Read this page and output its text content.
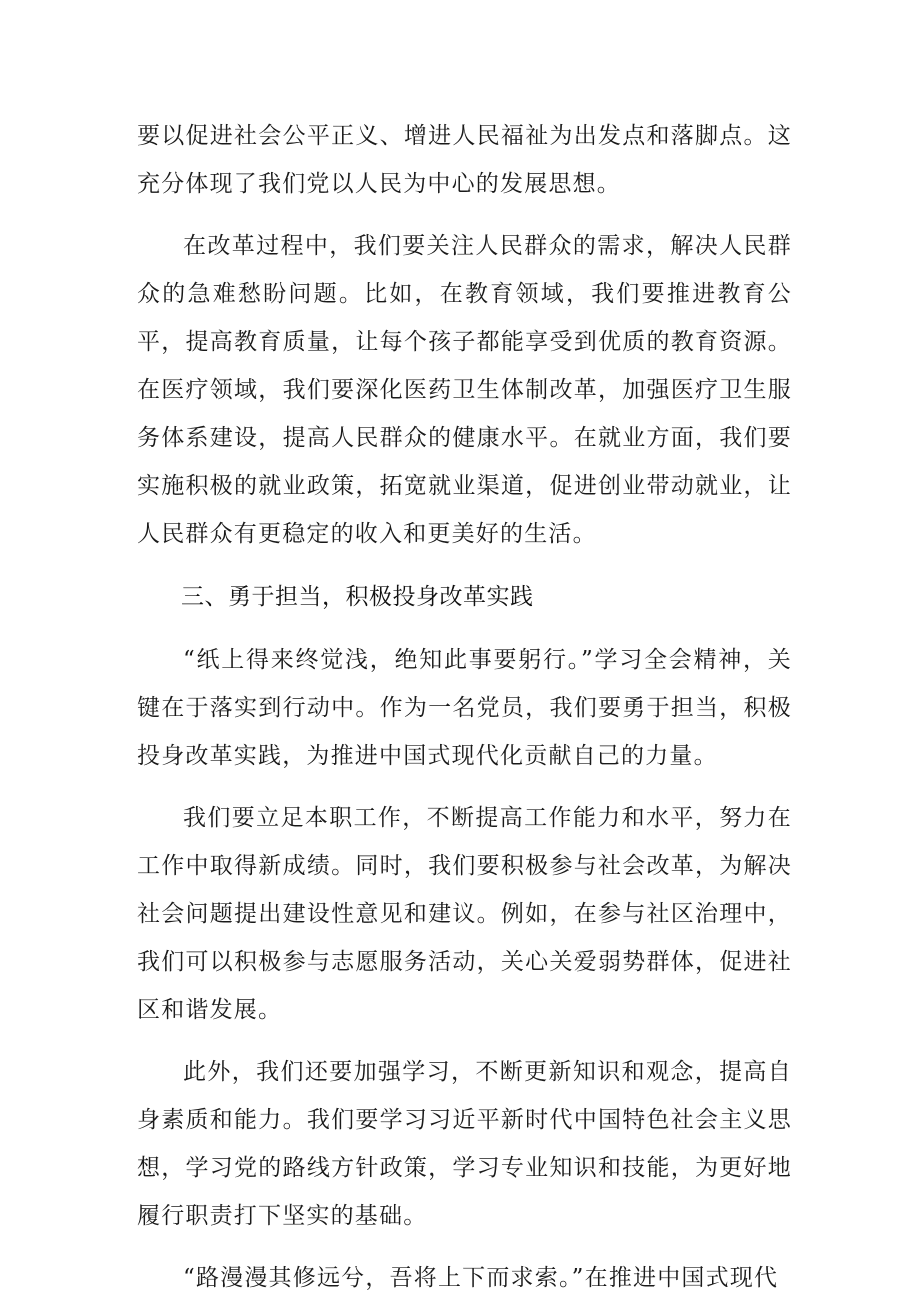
要以促进社会公平正义、增进人民福祉为出发点和落脚点。这充分体现了我们党以人民为中心的发展思想。

在改革过程中，我们要关注人民群众的需求，解决人民群众的急难愁盼问题。比如，在教育领域，我们要推进教育公平，提高教育质量，让每个孩子都能享受到优质的教育资源。在医疗领域，我们要深化医药卫生体制改革，加强医疗卫生服务体系建设，提高人民群众的健康水平。在就业方面，我们要实施积极的就业政策，拓宽就业渠道，促进创业带动就业，让人民群众有更稳定的收入和更美好的生活。

三、勇于担当，积极投身改革实践

“纸上得来终觉浅，绝知此事要躬行。”学习全会精神，关键在于落实到行动中。作为一名党员，我们要勇于担当，积极投身改革实践，为推进中国式现代化贡献自己的力量。

我们要立足本职工作，不断提高工作能力和水平，努力在工作中取得新成绩。同时，我们要积极参与社会改革，为解决社会问题提出建设性意见和建议。例如，在参与社区治理中，我们可以积极参与志愿服务活动，关心关爱弱势群体，促进社区和谐发展。

此外，我们还要加强学习，不断更新知识和观念，提高自身素质和能力。我们要学习习近平新时代中国特色社会主义思想，学习党的路线方针政策，学习专业知识和技能，为更好地履行职责打下坚实的基础。

“路漫漫其修远兮，吾将上下而求索。”在推进中国式现代
